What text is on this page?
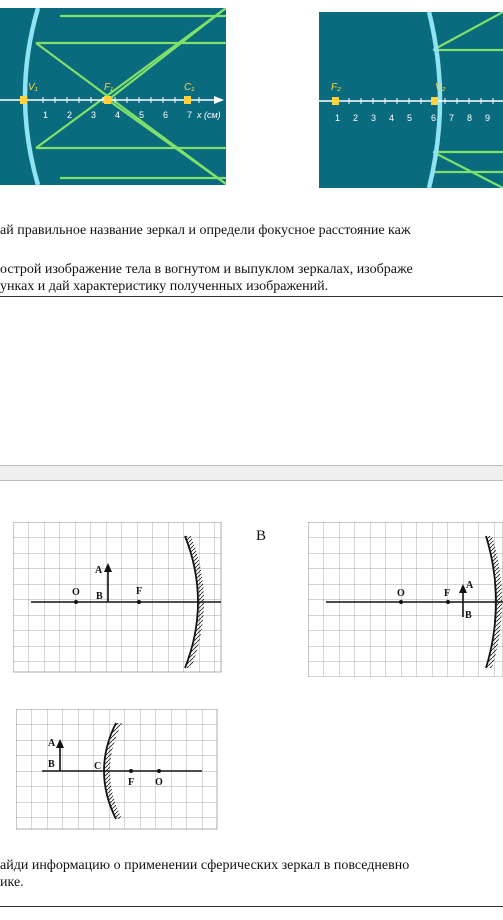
V₁	F₁	C₁
1 2 3 4 5 6 7 x (см)
F₂	V₂
1 2 3 4 5 6 7 8 9
ай правильное название зеркал и определи фокусное расстояние каж
острой изображение тела в вогнутом и выпуклом зеркалах, изображе
унках и дай характеристику полученных изображений.
A
B
O	F
B
O	F
A
B
A
B	C
F O
айди информацию о применении сферических зеркал в повседневно
ике.
